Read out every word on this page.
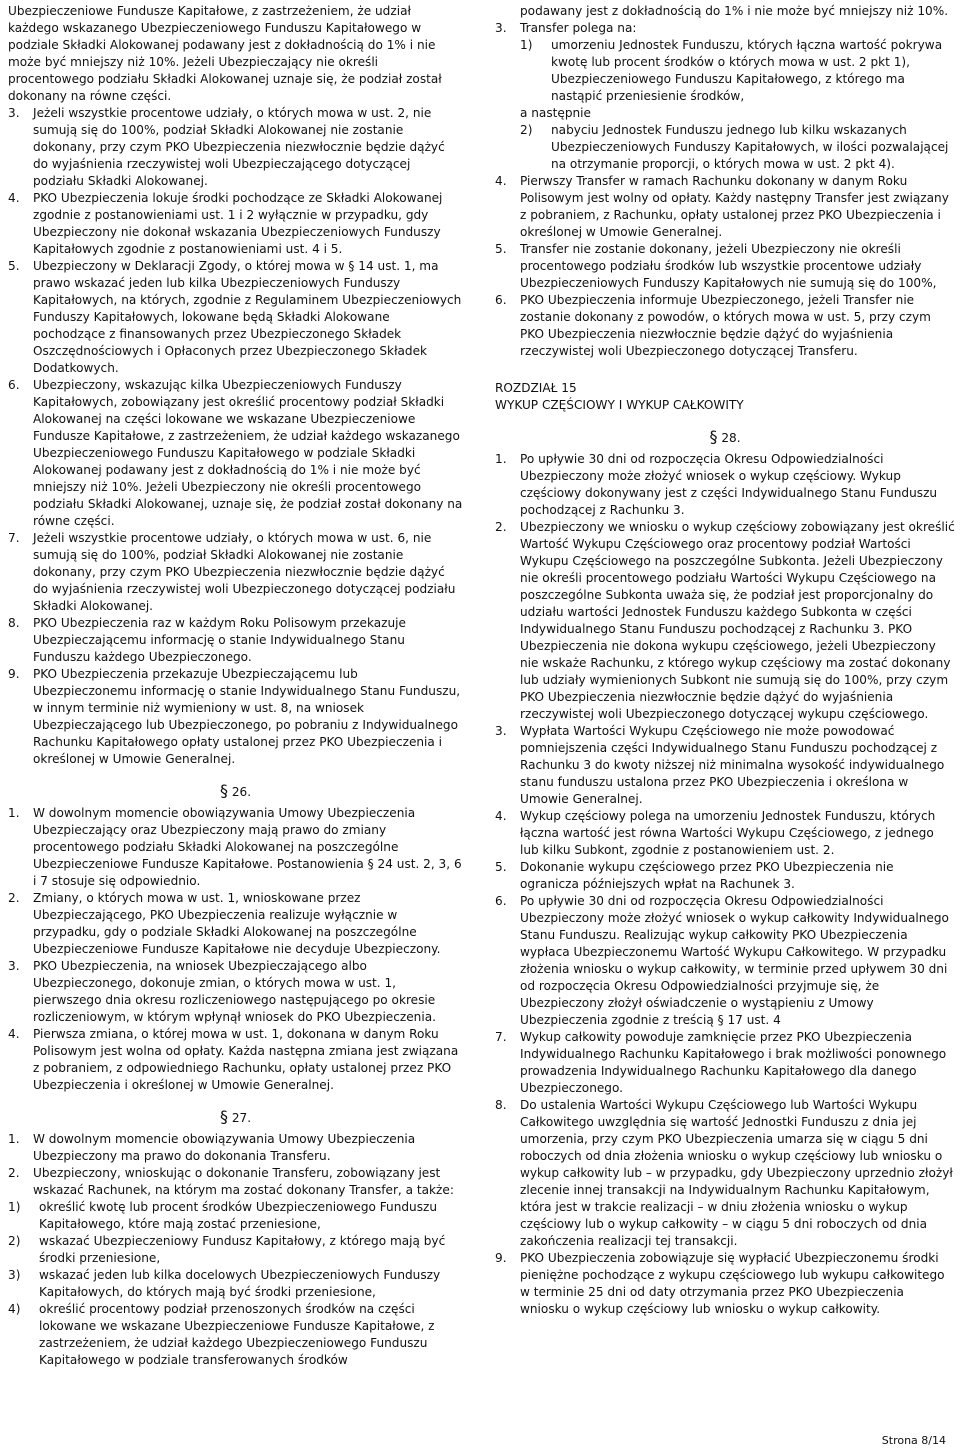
Ubezpieczeniowe Fundusze Kapitałowe, z zastrzeżeniem, że udział każdego wskazanego Ubezpieczeniowego Funduszu Kapitałowego w podziale Składki Alokowanej podawany jest z dokładnością do 1% i nie może być mniejszy niż 10%. Jeżeli Ubezpieczający nie określi procentowego podziału Składki Alokowanej uznaje się, że podział został dokonany na równe części.

3. Jeżeli wszystkie procentowe udziały, o których mowa w ust. 2, nie sumują się do 100%, podział Składki Alokowanej nie zostanie dokonany, przy czym PKO Ubezpieczenia niezwłocznie będzie dążyć do wyjaśnienia rzeczywistej woli Ubezpieczającego dotyczącej podziału Składki Alokowanej.
4. PKO Ubezpieczenia lokuje środki pochodzące ze Składki Alokowanej zgodnie z postanowieniami ust. 1 i 2 wyłącznie w przypadku, gdy Ubezpieczony nie dokonał wskazania Ubezpieczeniowych Funduszy Kapitałowych zgodnie z postanowieniami ust. 4 i 5.
5. Ubezpieczony w Deklaracji Zgody, o której mowa w § 14 ust. 1, ma prawo wskazać jeden lub kilka Ubezpieczeniowych Funduszy Kapitałowych, na których, zgodnie z Regulaminem Ubezpieczeniowych Funduszy Kapitałowych, lokowane będą Składki Alokowane pochodzące z finansowanych przez Ubezpieczonego Składek Oszczędnościowych i Opłaconych przez Ubezpieczonego Składek Dodatkowych.
6. Ubezpieczony, wskazując kilka Ubezpieczeniowych Funduszy Kapitałowych, zobowiązany jest określić procentowy podział Składki Alokowanej na części lokowane we wskazane Ubezpieczeniowe Fundusze Kapitałowe, z zastrzeżeniem, że udział każdego wskazanego Ubezpieczeniowego Funduszu Kapitałowego w podziale Składki Alokowanej podawany jest z dokładnością do 1% i nie może być mniejszy niż 10%. Jeżeli Ubezpieczony nie określi procentowego podziału Składki Alokowanej, uznaje się, że podział został dokonany na równe części.
7. Jeżeli wszystkie procentowe udziały, o których mowa w ust. 6, nie sumują się do 100%, podział Składki Alokowanej nie zostanie dokonany, przy czym PKO Ubezpieczenia niezwłocznie będzie dążyć do wyjaśnienia rzeczywistej woli Ubezpieczonego dotyczącej podziału Składki Alokowanej.
8. PKO Ubezpieczenia raz w każdym Roku Polisowym przekazuje Ubezpieczającemu informację o stanie Indywidualnego Stanu Funduszu każdego Ubezpieczonego.
9. PKO Ubezpieczenia przekazuje Ubezpieczającemu lub Ubezpieczonemu informację o stanie Indywidualnego Stanu Funduszu, w innym terminie niż wymieniony w ust. 8, na wniosek Ubezpieczającego lub Ubezpieczonego, po pobraniu z Indywidualnego Rachunku Kapitałowego opłaty ustalonej przez PKO Ubezpieczenia i określonej w Umowie Generalnej.
§ 26.
1. W dowolnym momencie obowiązywania Umowy Ubezpieczenia Ubezpieczający oraz Ubezpieczony mają prawo do zmiany procentowego podziału Składki Alokowanej na poszczególne Ubezpieczeniowe Fundusze Kapitałowe. Postanowienia § 24 ust. 2, 3, 6 i 7 stosuje się odpowiednio.
2. Zmiany, o których mowa w ust. 1, wnioskowane przez Ubezpieczającego, PKO Ubezpieczenia realizuje wyłącznie w przypadku, gdy o podziale Składki Alokowanej na poszczególne Ubezpieczeniowe Fundusze Kapitałowe nie decyduje Ubezpieczony.
3. PKO Ubezpieczenia, na wniosek Ubezpieczającego albo Ubezpieczonego, dokonuje zmian, o których mowa w ust. 1, pierwszego dnia okresu rozliczeniowego następującego po okresie rozliczeniowym, w którym wpłynął wniosek do PKO Ubezpieczenia.
4. Pierwsza zmiana, o której mowa w ust. 1, dokonana w danym Roku Polisowym jest wolna od opłaty. Każda następna zmiana jest związana z pobraniem, z odpowiedniego Rachunku, opłaty ustalonej przez PKO Ubezpieczenia i określonej w Umowie Generalnej.
§ 27.
1. W dowolnym momencie obowiązywania Umowy Ubezpieczenia Ubezpieczony ma prawo do dokonania Transferu.
2. Ubezpieczony, wnioskując o dokonanie Transferu, zobowiązany jest wskazać Rachunek, na którym ma zostać dokonany Transfer, a także:
1) określić kwotę lub procent środków Ubezpieczeniowego Funduszu Kapitałowego, które mają zostać przeniesione,
2) wskazać Ubezpieczeniowy Fundusz Kapitałowy, z którego mają być środki przeniesione,
3) wskazać jeden lub kilka docelowych Ubezpieczeniowych Funduszy Kapitałowych, do których mają być środki przeniesione,
4) określić procentowy podział przenoszonych środków na części lokowane we wskazane Ubezpieczeniowe Fundusze Kapitałowe, z zastrzeżeniem, że udział każdego Ubezpieczeniowego Funduszu Kapitałowego w podziale transferowanych środków

podawany jest z dokładnością do 1% i nie może być mniejszy niż 10%.

3. Transfer polega na:
1) umorzeniu Jednostek Funduszu, których łączna wartość pokrywa kwotę lub procent środków o których mowa w ust. 2 pkt 1), Ubezpieczeniowego Funduszu Kapitałowego, z którego ma nastąpić przeniesienie środków,

a następnie

2) nabyciu Jednostek Funduszu jednego lub kilku wskazanych Ubezpieczeniowych Funduszy Kapitałowych, w ilości pozwalającej na otrzymanie proporcji, o których mowa w ust. 2 pkt 4).
4. Pierwszy Transfer w ramach Rachunku dokonany w danym Roku Polisowym jest wolny od opłaty. Każdy następny Transfer jest związany z pobraniem, z Rachunku, opłaty ustalonej przez PKO Ubezpieczenia i określonej w Umowie Generalnej.
5. Transfer nie zostanie dokonany, jeżeli Ubezpieczony nie określi procentowego podziału środków lub wszystkie procentowe udziały Ubezpieczeniowych Funduszy Kapitałowych nie sumują się do 100%,
6. PKO Ubezpieczenia informuje Ubezpieczonego, jeżeli Transfer nie zostanie dokonany z powodów, o których mowa w ust. 5, przy czym PKO Ubezpieczenia niezwłocznie będzie dążyć do wyjaśnienia rzeczywistej woli Ubezpieczonego dotyczącej Transferu.

ROZDZIAŁ 15

WYKUP CZĘŚCIOWY I WYKUP CAŁKOWITY

§ 28.
1. Po upływie 30 dni od rozpoczęcia Okresu Odpowiedzialności Ubezpieczony może złożyć wniosek o wykup częściowy. Wykup częściowy dokonywany jest z części Indywidualnego Stanu Funduszu pochodzącej z Rachunku 3.
2. Ubezpieczony we wniosku o wykup częściowy zobowiązany jest określić Wartość Wykupu Częściowego oraz procentowy podział Wartości Wykupu Częściowego na poszczególne Subkonta. Jeżeli Ubezpieczony nie określi procentowego podziału Wartości Wykupu Częściowego na poszczególne Subkonta uważa się, że podział jest proporcjonalny do udziału wartości Jednostek Funduszu każdego Subkonta w części Indywidualnego Stanu Funduszu pochodzącej z Rachunku 3. PKO Ubezpieczenia nie dokona wykupu częściowego, jeżeli Ubezpieczony nie wskaże Rachunku, z którego wykup częściowy ma zostać dokonany lub udziały wymienionych Subkont nie sumują się do 100%, przy czym PKO Ubezpieczenia niezwłocznie będzie dążyć do wyjaśnienia rzeczywistej woli Ubezpieczonego dotyczącej wykupu częściowego.
3. Wypłata Wartości Wykupu Częściowego nie może powodować pomniejszenia części Indywidualnego Stanu Funduszu pochodzącej z Rachunku 3 do kwoty niższej niż minimalna wysokość indywidualnego stanu funduszu ustalona przez PKO Ubezpieczenia i określona w Umowie Generalnej.
4. Wykup częściowy polega na umorzeniu Jednostek Funduszu, których łączna wartość jest równa Wartości Wykupu Częściowego, z jednego lub kilku Subkont, zgodnie z postanowieniem ust. 2.
5. Dokonanie wykupu częściowego przez PKO Ubezpieczenia nie ogranicza późniejszych wpłat na Rachunek 3.
6. Po upływie 30 dni od rozpoczęcia Okresu Odpowiedzialności Ubezpieczony może złożyć wniosek o wykup całkowity Indywidualnego Stanu Funduszu. Realizując wykup całkowity PKO Ubezpieczenia wypłaca Ubezpieczonemu Wartość Wykupu Całkowitego. W przypadku złożenia wniosku o wykup całkowity, w terminie przed upływem 30 dni od rozpoczęcia Okresu Odpowiedzialności przyjmuje się, że Ubezpieczony złożył oświadczenie o wystąpieniu z Umowy Ubezpieczenia zgodnie z treścią § 17 ust. 4
7. Wykup całkowity powoduje zamknięcie przez PKO Ubezpieczenia Indywidualnego Rachunku Kapitałowego i brak możliwości ponownego prowadzenia Indywidualnego Rachunku Kapitałowego dla danego Ubezpieczonego.
8. Do ustalenia Wartości Wykupu Częściowego lub Wartości Wykupu Całkowitego uwzględnia się wartość Jednostki Funduszu z dnia jej umorzenia, przy czym PKO Ubezpieczenia umarza się w ciągu 5 dni roboczych od dnia złożenia wniosku o wykup częściowy lub wniosku o wykup całkowity lub – w przypadku, gdy Ubezpieczony uprzednio złożył zlecenie innej transakcji na Indywidualnym Rachunku Kapitałowym, która jest w trakcie realizacji – w dniu złożenia wniosku o wykup częściowy lub o wykup całkowity – w ciągu 5 dni roboczych od dnia zakończenia realizacji tej transakcji.
9. PKO Ubezpieczenia zobowiązuje się wypłacić Ubezpieczonemu środki pieniężne pochodzące z wykupu częściowego lub wykupu całkowitego w terminie 25 dni od daty otrzymania przez PKO Ubezpieczenia wniosku o wykup częściowy lub wniosku o wykup całkowity.
Strona 8/14
